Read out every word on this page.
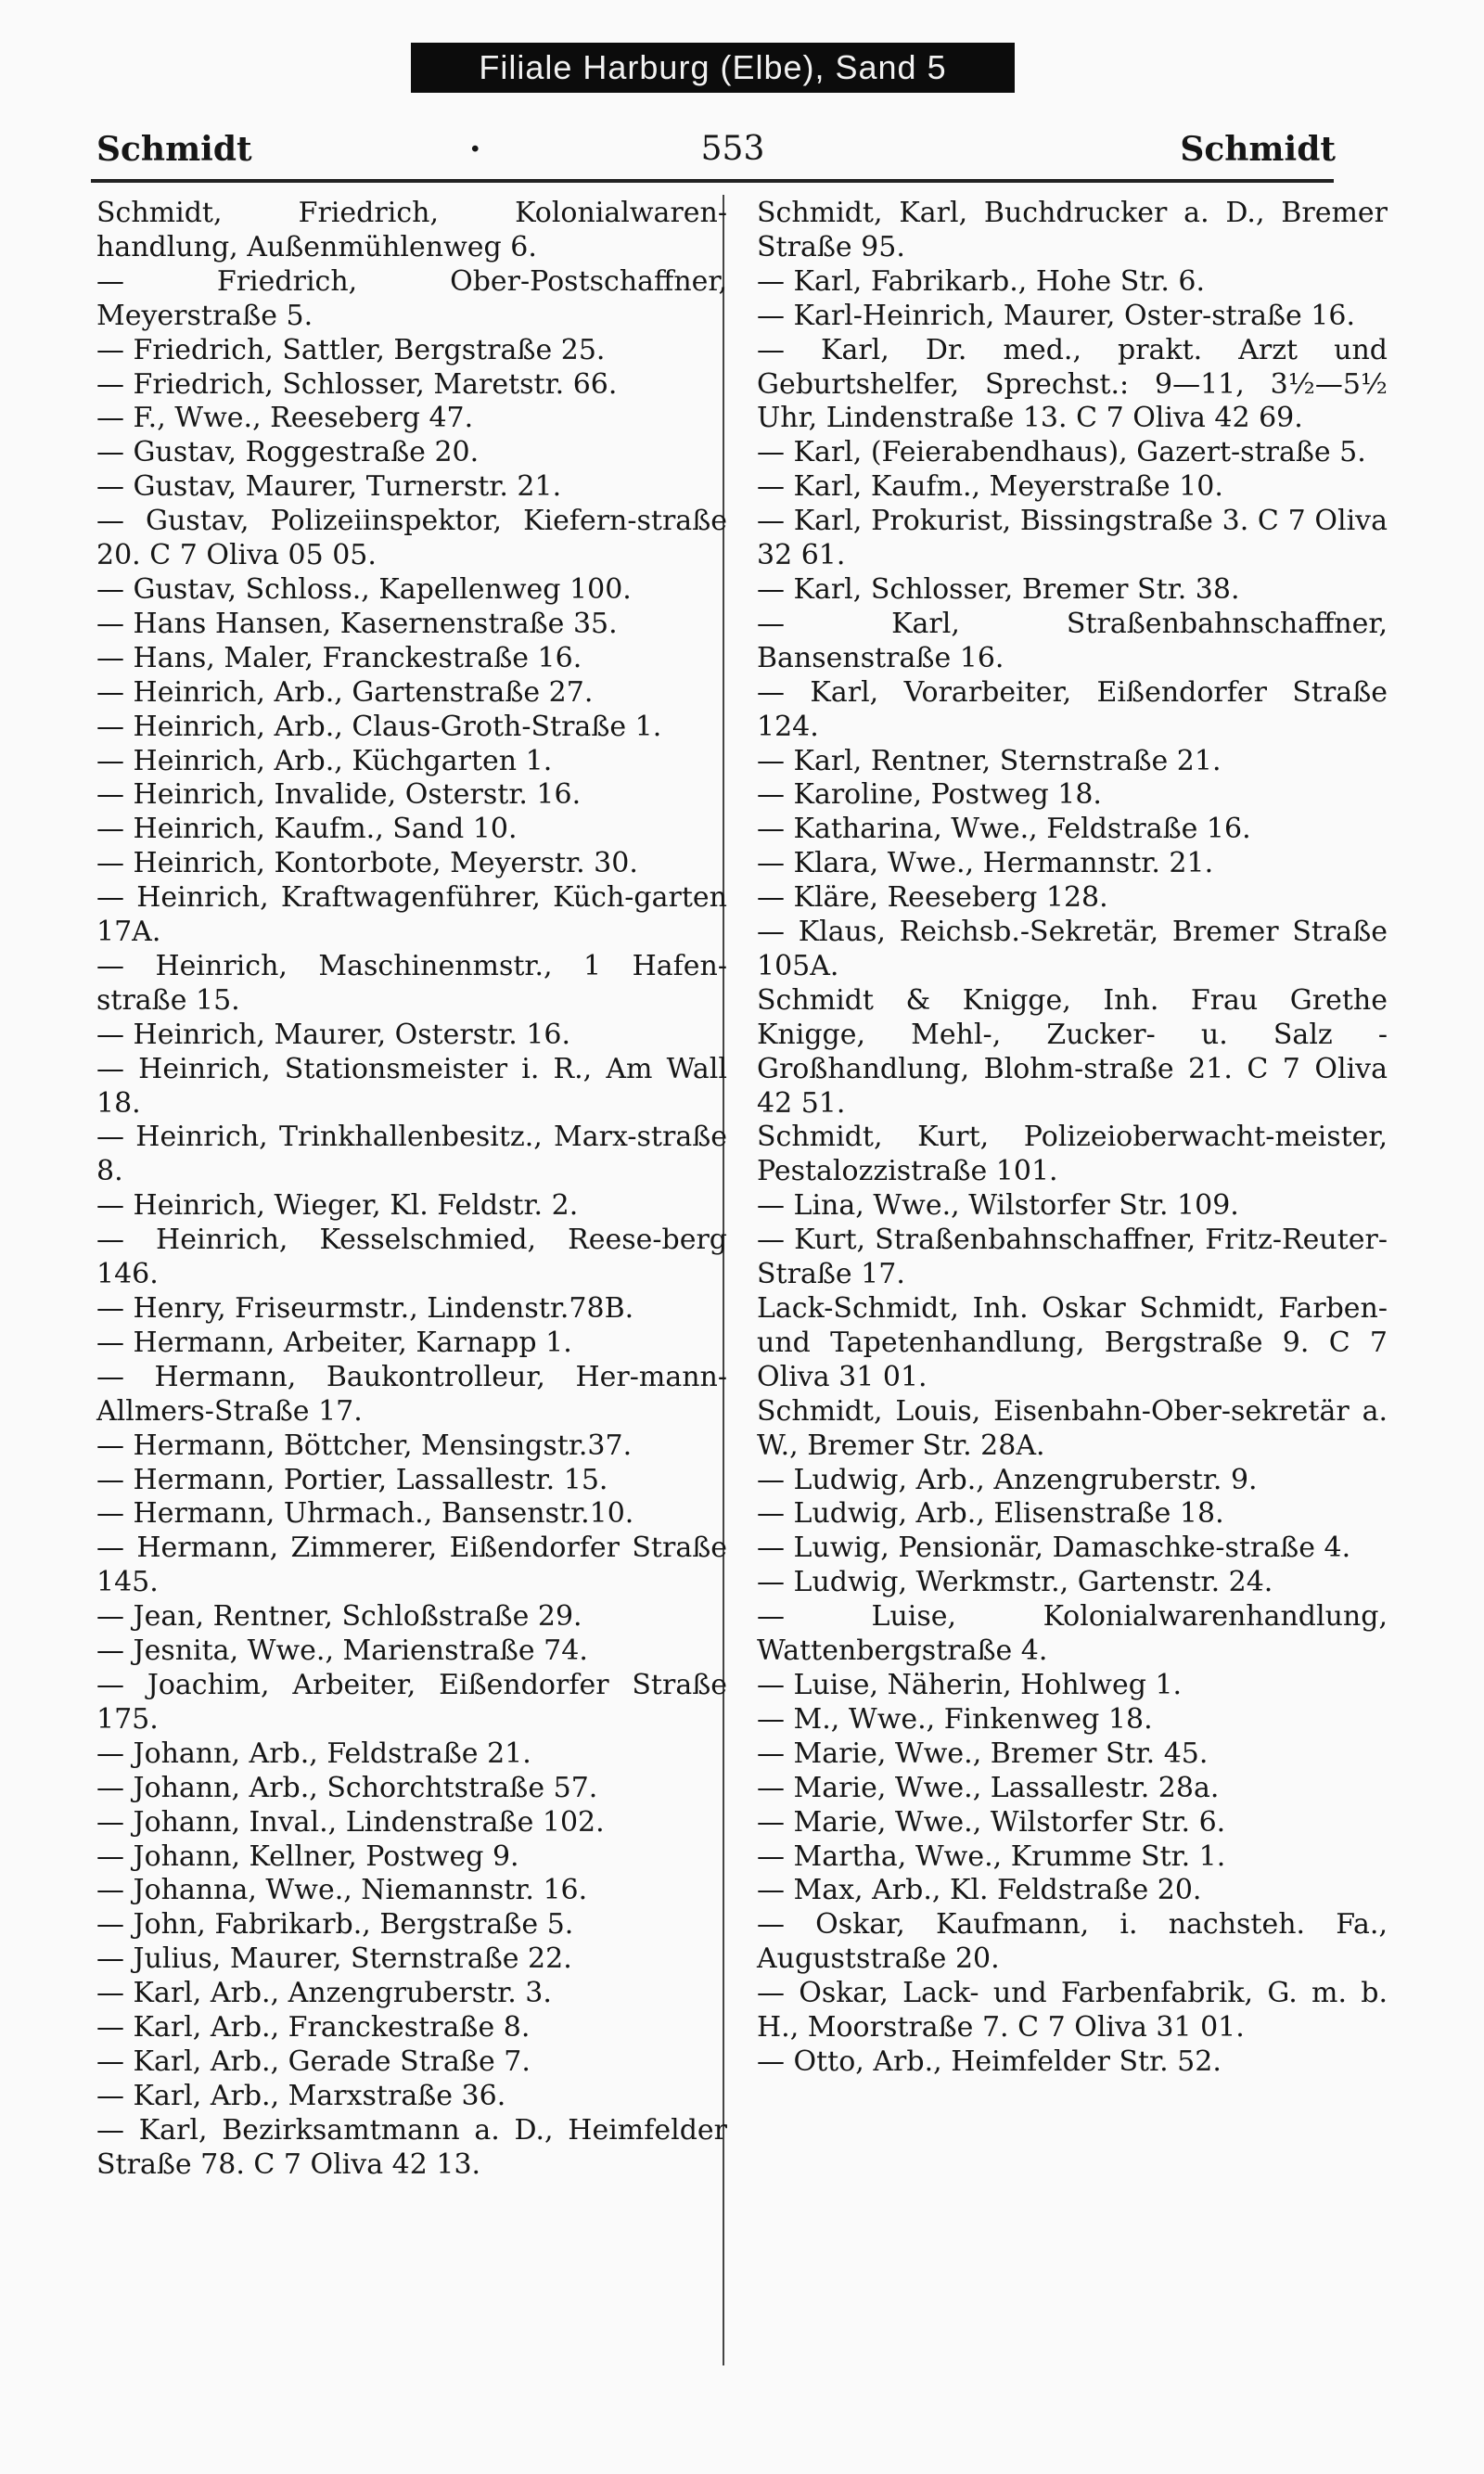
Filiale Harburg (Elbe), Sand 5
Schmidt	·	553	Schmidt

Schmidt, Friedrich, Kolonialwaren-handlung, Außenmühlenweg 6.

— Friedrich, Ober-Postschaffner, Meyerstraße 5.

— Friedrich, Sattler, Bergstraße 25.

— Friedrich, Schlosser, Maretstr. 66.

— F., Wwe., Reeseberg 47.

— Gustav, Roggestraße 20.

— Gustav, Maurer, Turnerstr. 21.

— Gustav, Polizeiinspektor, Kiefern-straße 20. C 7 Oliva 05 05.

— Gustav, Schloss., Kapellenweg 100.

— Hans Hansen, Kasernenstraße 35.

— Hans, Maler, Franckestraße 16.

— Heinrich, Arb., Gartenstraße 27.

— Heinrich, Arb., Claus-Groth-Straße 1.

— Heinrich, Arb., Küchgarten 1.

— Heinrich, Invalide, Osterstr. 16.

— Heinrich, Kaufm., Sand 10.

— Heinrich, Kontorbote, Meyerstr. 30.

— Heinrich, Kraftwagenführer, Küch-garten 17A.

— Heinrich, Maschinenmstr., 1 Hafen-straße 15.

— Heinrich, Maurer, Osterstr. 16.

— Heinrich, Stationsmeister i. R., Am Wall 18.

— Heinrich, Trinkhallenbesitz., Marx-straße 8.

— Heinrich, Wieger, Kl. Feldstr. 2.

— Heinrich, Kesselschmied, Reese-berg 146.

— Henry, Friseurmstr., Lindenstr.78B.

— Hermann, Arbeiter, Karnapp 1.

— Hermann, Baukontrolleur, Her-mann-Allmers-Straße 17.

— Hermann, Böttcher, Mensingstr.37.

— Hermann, Portier, Lassallestr. 15.

— Hermann, Uhrmach., Bansenstr.10.

— Hermann, Zimmerer, Eißendorfer Straße 145.

— Jean, Rentner, Schloßstraße 29.

— Jesnita, Wwe., Marienstraße 74.

— Joachim, Arbeiter, Eißendorfer Straße 175.

— Johann, Arb., Feldstraße 21.

— Johann, Arb., Schorchtstraße 57.

— Johann, Inval., Lindenstraße 102.

— Johann, Kellner, Postweg 9.

— Johanna, Wwe., Niemannstr. 16.

— John, Fabrikarb., Bergstraße 5.

— Julius, Maurer, Sternstraße 22.

— Karl, Arb., Anzengruberstr. 3.

— Karl, Arb., Franckestraße 8.

— Karl, Arb., Gerade Straße 7.

— Karl, Arb., Marxstraße 36.

— Karl, Bezirksamtmann a. D., Heimfelder Straße 78. C 7 Oliva 42 13.

Schmidt, Karl, Buchdrucker a. D., Bremer Straße 95.

— Karl, Fabrikarb., Hohe Str. 6.

— Karl-Heinrich, Maurer, Oster-straße 16.

— Karl, Dr. med., prakt. Arzt und Geburtshelfer, Sprechst.: 9—11, 3½—5½ Uhr, Lindenstraße 13. C 7 Oliva 42 69.

— Karl, (Feierabendhaus), Gazert-straße 5.

— Karl, Kaufm., Meyerstraße 10.

— Karl, Prokurist, Bissingstraße 3. C 7 Oliva 32 61.

— Karl, Schlosser, Bremer Str. 38.

— Karl, Straßenbahnschaffner, Bansenstraße 16.

— Karl, Vorarbeiter, Eißendorfer Straße 124.

— Karl, Rentner, Sternstraße 21.

— Karoline, Postweg 18.

— Katharina, Wwe., Feldstraße 16.

— Klara, Wwe., Hermannstr. 21.

— Kläre, Reeseberg 128.

— Klaus, Reichsb.-Sekretär, Bremer Straße 105A.

Schmidt & Knigge, Inh. Frau Grethe Knigge, Mehl-, Zucker- u. Salz - Großhandlung, Blohm-straße 21. C 7 Oliva 42 51.

Schmidt, Kurt, Polizeioberwacht-meister, Pestalozzistraße 101.

— Lina, Wwe., Wilstorfer Str. 109.

— Kurt, Straßenbahnschaffner, Fritz-Reuter-Straße 17.

Lack-Schmidt, Inh. Oskar Schmidt, Farben- und Tapetenhandlung, Bergstraße 9. C 7 Oliva 31 01.

Schmidt, Louis, Eisenbahn-Ober-sekretär a. W., Bremer Str. 28A.

— Ludwig, Arb., Anzengruberstr. 9.

— Ludwig, Arb., Elisenstraße 18.

— Luwig, Pensionär, Damaschke-straße 4.

— Ludwig, Werkmstr., Gartenstr. 24.

— Luise, Kolonialwarenhandlung, Wattenbergstraße 4.

— Luise, Näherin, Hohlweg 1.

— M., Wwe., Finkenweg 18.

— Marie, Wwe., Bremer Str. 45.

— Marie, Wwe., Lassallestr. 28a.

— Marie, Wwe., Wilstorfer Str. 6.

— Martha, Wwe., Krumme Str. 1.

— Max, Arb., Kl. Feldstraße 20.

— Oskar, Kaufmann, i. nachsteh. Fa., Auguststraße 20.

— Oskar, Lack- und Farbenfabrik, G. m. b. H., Moorstraße 7. C 7 Oliva 31 01.

— Otto, Arb., Heimfelder Str. 52.
